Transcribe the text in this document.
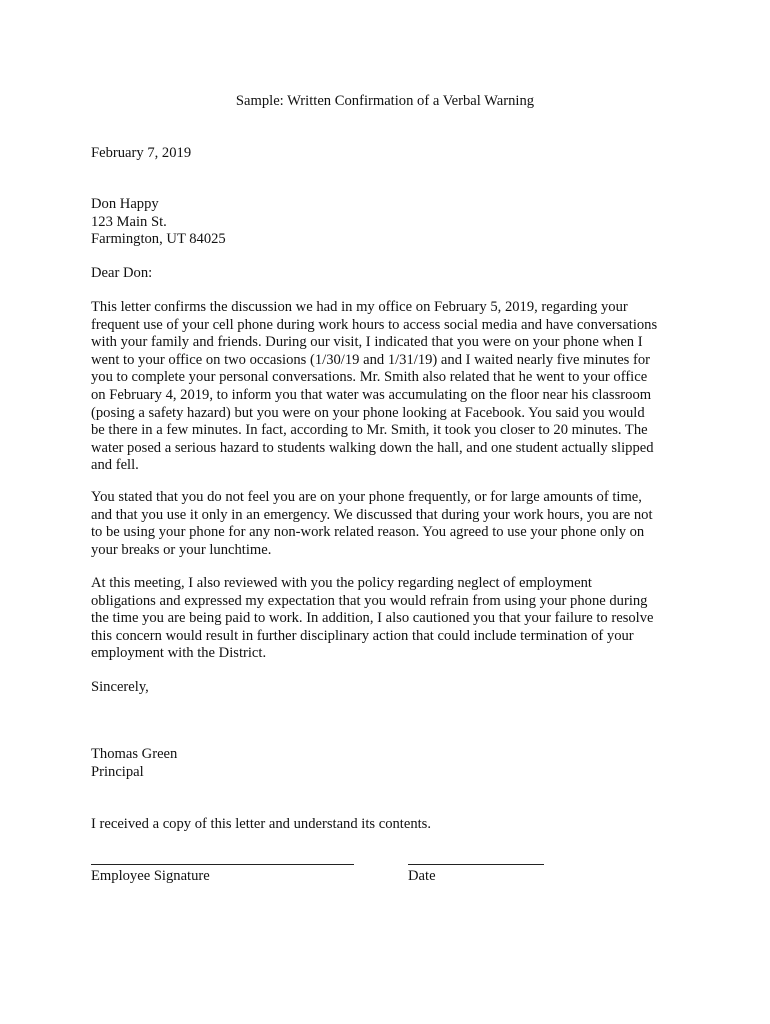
Sample: Written Confirmation of a Verbal Warning

February 7, 2019

Don Happy
123 Main St.
Farmington, UT 84025

Dear Don:

This letter confirms the discussion we had in my office on February 5, 2019, regarding your
frequent use of your cell phone during work hours to access social media and have conversations
with your family and friends. During our visit, I indicated that you were on your phone when I
went to your office on two occasions (1/30/19 and 1/31/19) and I waited nearly five minutes for
you to complete your personal conversations. Mr. Smith also related that he went to your office
on February 4, 2019, to inform you that water was accumulating on the floor near his classroom
(posing a safety hazard) but you were on your phone looking at Facebook. You said you would
be there in a few minutes. In fact, according to Mr. Smith, it took you closer to 20 minutes. The
water posed a serious hazard to students walking down the hall, and one student actually slipped
and fell.

You stated that you do not feel you are on your phone frequently, or for large amounts of time,
and that you use it only in an emergency. We discussed that during your work hours, you are not
to be using your phone for any non-work related reason. You agreed to use your phone only on
your breaks or your lunchtime.

At this meeting, I also reviewed with you the policy regarding neglect of employment
obligations and expressed my expectation that you would refrain from using your phone during
the time you are being paid to work. In addition, I also cautioned you that your failure to resolve
this concern would result in further disciplinary action that could include termination of your
employment with the District.

Sincerely,

Thomas Green
Principal

I received a copy of this letter and understand its contents.

Employee Signature	Date
